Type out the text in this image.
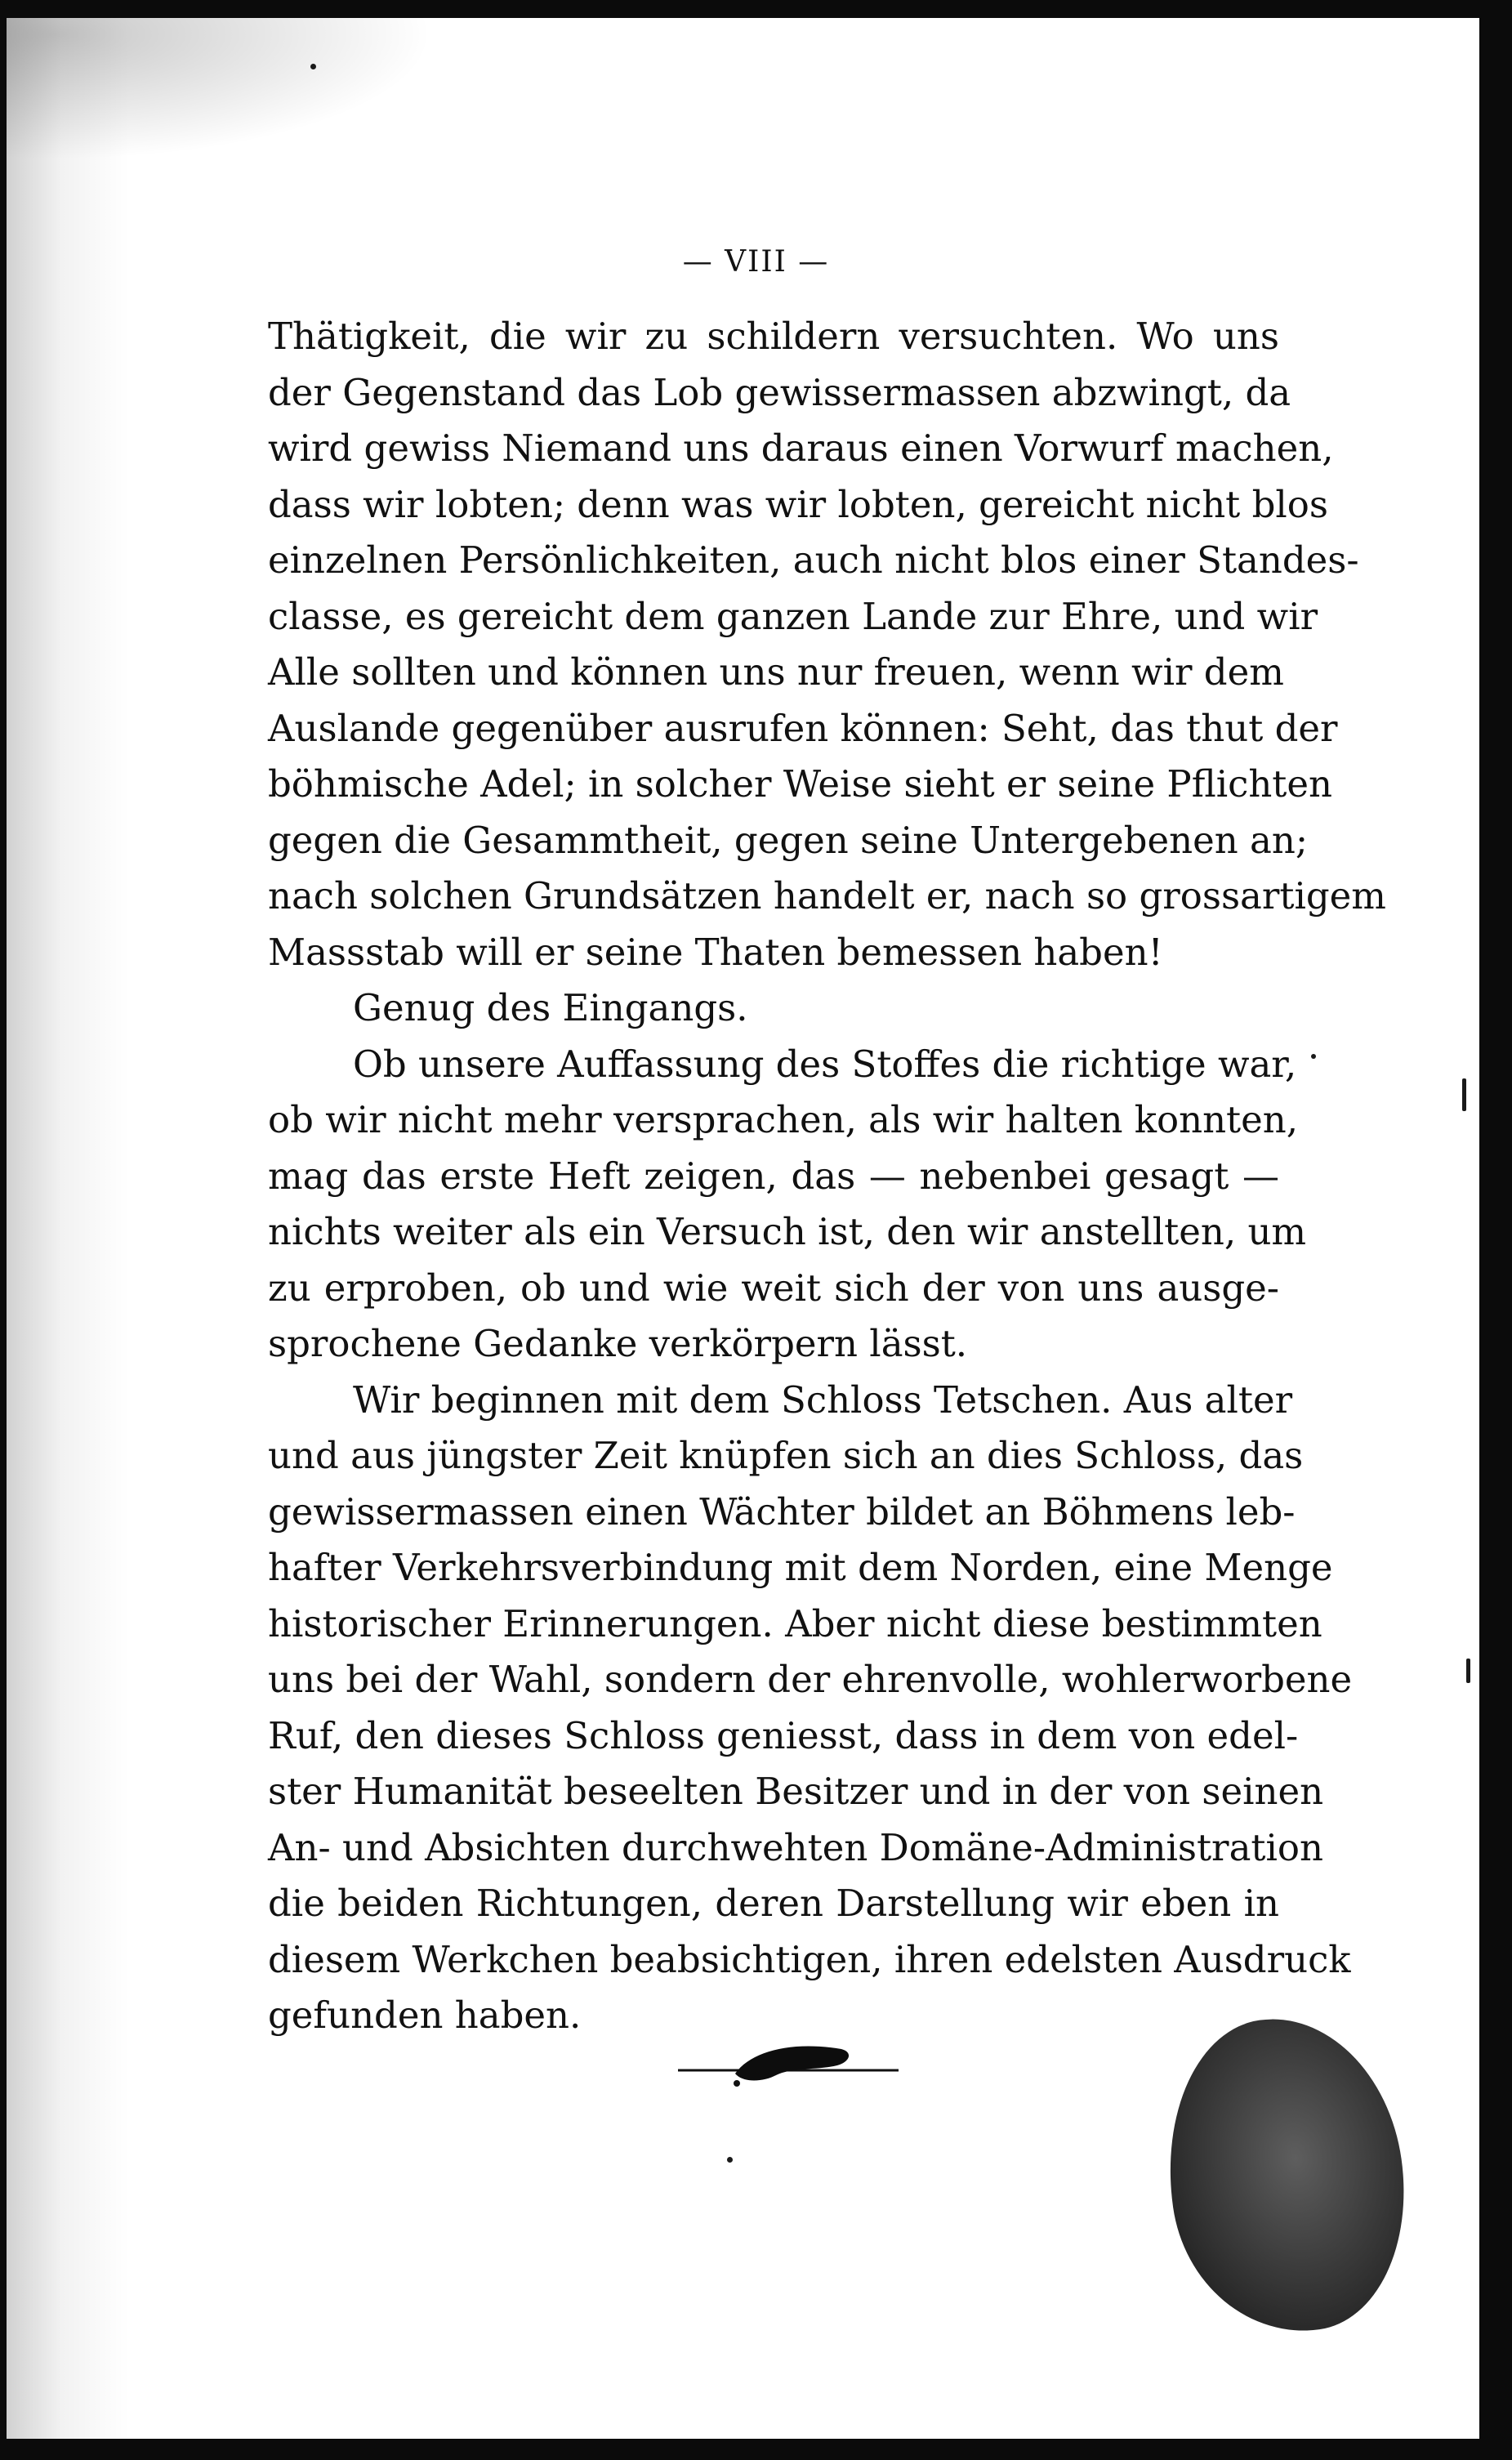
— VIII —
Thätigkeit, die wir zu schildern versuchten. Wo uns
der Gegenstand das Lob gewissermassen abzwingt, da
wird gewiss Niemand uns daraus einen Vorwurf machen,
dass wir lobten; denn was wir lobten, gereicht nicht blos
einzelnen Persönlichkeiten, auch nicht blos einer Standes-
classe, es gereicht dem ganzen Lande zur Ehre, und wir
Alle sollten und können uns nur freuen, wenn wir dem
Auslande gegenüber ausrufen können: Seht, das thut der
böhmische Adel; in solcher Weise sieht er seine Pflichten
gegen die Gesammtheit, gegen seine Untergebenen an;
nach solchen Grundsätzen handelt er, nach so grossartigem
Massstab will er seine Thaten bemessen haben!
Genug des Eingangs.
Ob unsere Auffassung des Stoffes die richtige war,
ob wir nicht mehr versprachen, als wir halten konnten,
mag das erste Heft zeigen, das — nebenbei gesagt —
nichts weiter als ein Versuch ist, den wir anstellten, um
zu erproben, ob und wie weit sich der von uns ausge-
sprochene Gedanke verkörpern lässt.
Wir beginnen mit dem Schloss Tetschen. Aus alter
und aus jüngster Zeit knüpfen sich an dies Schloss, das
gewissermassen einen Wächter bildet an Böhmens leb-
hafter Verkehrsverbindung mit dem Norden, eine Menge
historischer Erinnerungen. Aber nicht diese bestimmten
uns bei der Wahl, sondern der ehrenvolle, wohlerworbene
Ruf, den dieses Schloss geniesst, dass in dem von edel-
ster Humanität beseelten Besitzer und in der von seinen
An- und Absichten durchwehten Domäne-Administration
die beiden Richtungen, deren Darstellung wir eben in
diesem Werkchen beabsichtigen, ihren edelsten Ausdruck
gefunden haben.
